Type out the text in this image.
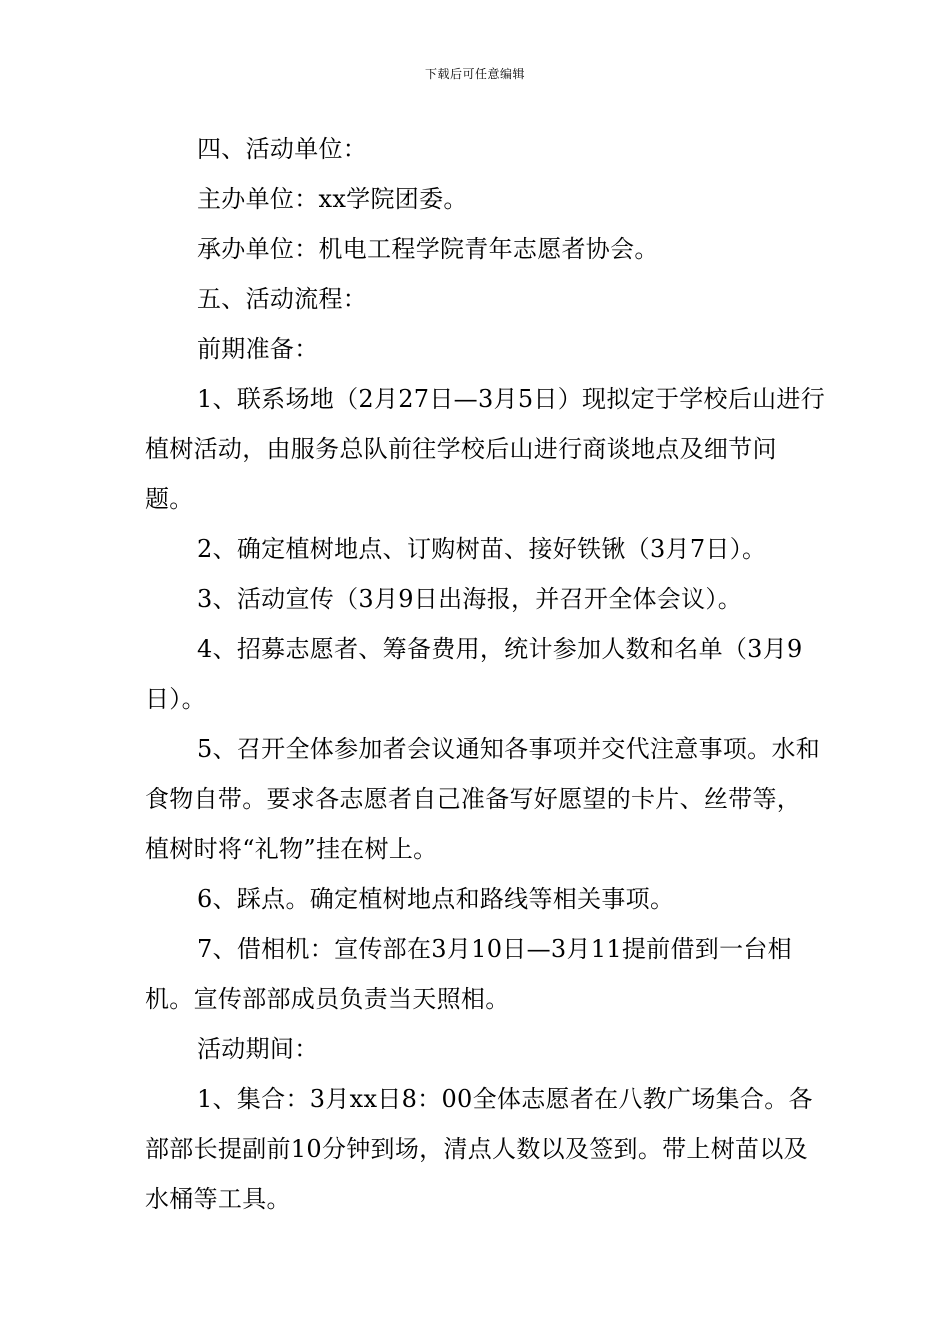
下载后可任意编辑

四、活动单位：

主办单位：xx学院团委。

承办单位：机电工程学院青年志愿者协会。

五、活动流程：

前期准备：

1、联系场地（2月27日—3月5日）现拟定于学校后山进行植树活动，由服务总队前往学校后山进行商谈地点及细节问题。

2、确定植树地点、订购树苗、接好铁锹（3月7日）。

3、活动宣传（3月9日出海报，并召开全体会议）。

4、招募志愿者、筹备费用，统计参加人数和名单（3月9日）。

5、召开全体参加者会议通知各事项并交代注意事项。水和食物自带。要求各志愿者自己准备写好愿望的卡片、丝带等，植树时将“礼物”挂在树上。

6、踩点。确定植树地点和路线等相关事项。

7、借相机：宣传部在3月10日—3月11提前借到一台相机。宣传部部成员负责当天照相。

活动期间：

1、集合：3月xx日8：00全体志愿者在八教广场集合。各部部长提副前10分钟到场，清点人数以及签到。带上树苗以及水桶等工具。
